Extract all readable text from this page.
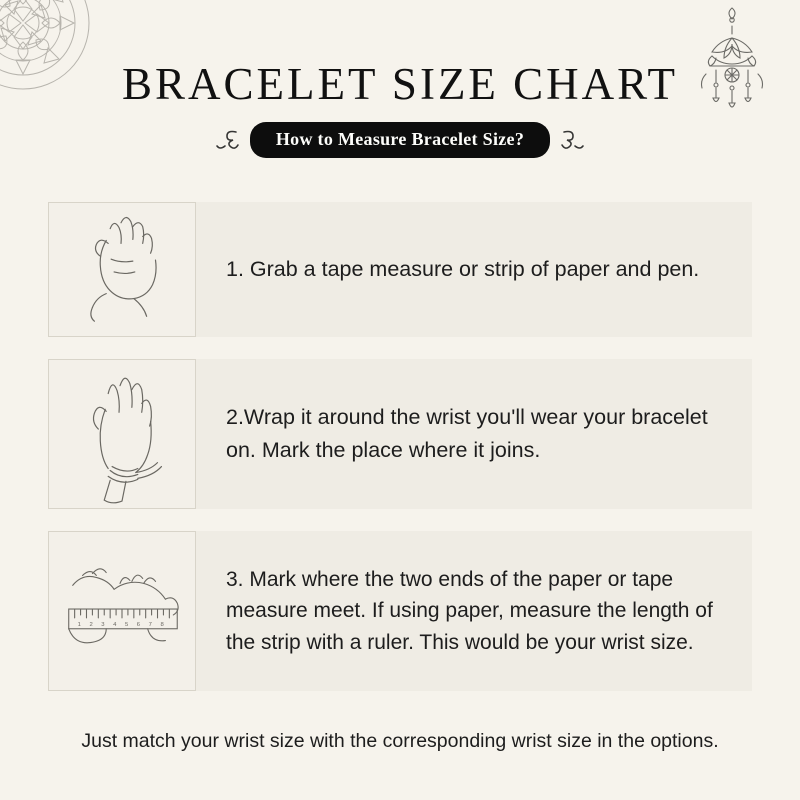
BRACELET SIZE CHART
How to Measure Bracelet Size?
1. Grab a tape measure or strip of paper and pen.
2.Wrap it around the wrist you'll wear your bracelet on. Mark the place where it joins.
1 2 3 4 5 6 7 8
3. Mark where the two ends of the paper or tape measure meet. If using paper, measure the length of the strip with a ruler. This would be your wrist size.
Just match your wrist size with the corresponding wrist size in the options.
